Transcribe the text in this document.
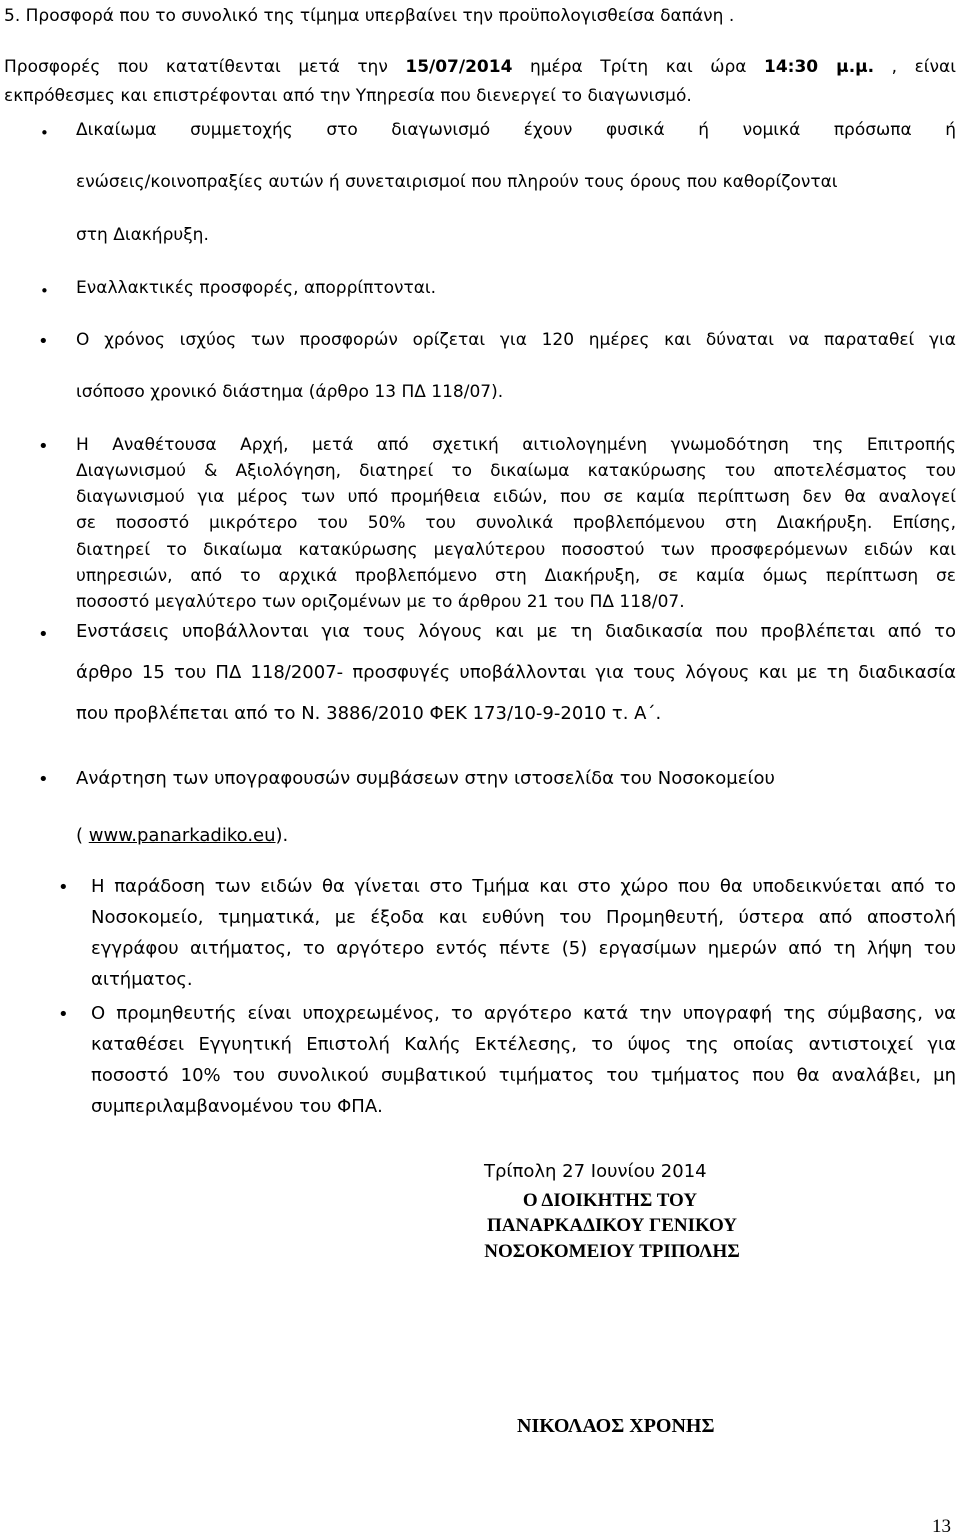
5. Προσφορά που το συνολικό της τίμημα υπερβαίνει την προϋπολογισθείσα δαπάνη .
Προσφορές που κατατίθενται μετά την 15/07/2014 ημέρα Τρίτη και ώρα 14:30 μ.μ. , είναι
εκπρόθεσμες και επιστρέφονται από την Υπηρεσία που διενεργεί το διαγωνισμό.
• Δικαίωμα συμμετοχής στο διαγωνισμό έχουν φυσικά ή νομικά πρόσωπα ή
ενώσεις/κοινοπραξίες αυτών ή συνεταιρισμοί που πληρούν τους όρους που καθορίζονται
στη Διακήρυξη.
• Εναλλακτικές προσφορές, απορρίπτονται.
• Ο χρόνος ισχύος των προσφορών ορίζεται για 120 ημέρες και δύναται να παραταθεί για
ισόποσο χρονικό διάστημα (άρθρο 13 ΠΔ 118/07).
• Η Αναθέτουσα Αρχή, μετά από σχετική αιτιολογημένη γνωμοδότηση της Επιτροπής
Διαγωνισμού & Αξιολόγηση, διατηρεί το δικαίωμα κατακύρωσης του αποτελέσματος του
διαγωνισμού για μέρος των υπό προμήθεια ειδών, που σε καμία περίπτωση δεν θα αναλογεί
σε ποσοστό μικρότερο του 50% του συνολικά προβλεπόμενου στη Διακήρυξη. Επίσης,
διατηρεί το δικαίωμα κατακύρωσης μεγαλύτερου ποσοστού των προσφερόμενων ειδών και
υπηρεσιών, από το αρχικά προβλεπόμενο στη Διακήρυξη, σε καμία όμως περίπτωση σε
ποσοστό μεγαλύτερο των οριζομένων με το άρθρου 21 του ΠΔ 118/07.
• Ενστάσεις υποβάλλονται για τους λόγους και με τη διαδικασία που προβλέπεται από το
άρθρο 15 του ΠΔ 118/2007- προσφυγές υποβάλλονται για τους λόγους και με τη διαδικασία
που προβλέπεται από το Ν. 3886/2010 ΦΕΚ 173/10-9-2010 τ. Α΄.
• Ανάρτηση των υπογραφουσών συμβάσεων στην ιστοσελίδα του Νοσοκομείου
( www.panarkadiko.eu).
• Η παράδοση των ειδών θα γίνεται στο Τμήμα και στο χώρο που θα υποδεικνύεται από το
Νοσοκομείο, τμηματικά, με έξοδα και ευθύνη του Προμηθευτή, ύστερα από αποστολή
εγγράφου αιτήματος, το αργότερο εντός πέντε (5) εργασίμων ημερών από τη λήψη του
αιτήματος.
• Ο προμηθευτής είναι υποχρεωμένος, το αργότερο κατά την υπογραφή της σύμβασης, να
καταθέσει Εγγυητική Επιστολή Καλής Εκτέλεσης, το ύψος της οποίας αντιστοιχεί για
ποσοστό 10% του συνολικού συμβατικού τιμήματος του τμήματος που θα αναλάβει, μη
συμπεριλαμβανομένου του ΦΠΑ.
Τρίπολη 27 Ιουνίου 2014
Ο ΔΙΟΙΚΗΤΗΣ ΤΟΥ
ΠΑΝΑΡΚΑΔΙΚΟΥ ΓΕΝΙΚΟΥ
ΝΟΣΟΚΟΜΕΙΟΥ ΤΡΙΠΟΛΗΣ
ΝΙΚΟΛΑΟΣ ΧΡΟΝΗΣ
13
